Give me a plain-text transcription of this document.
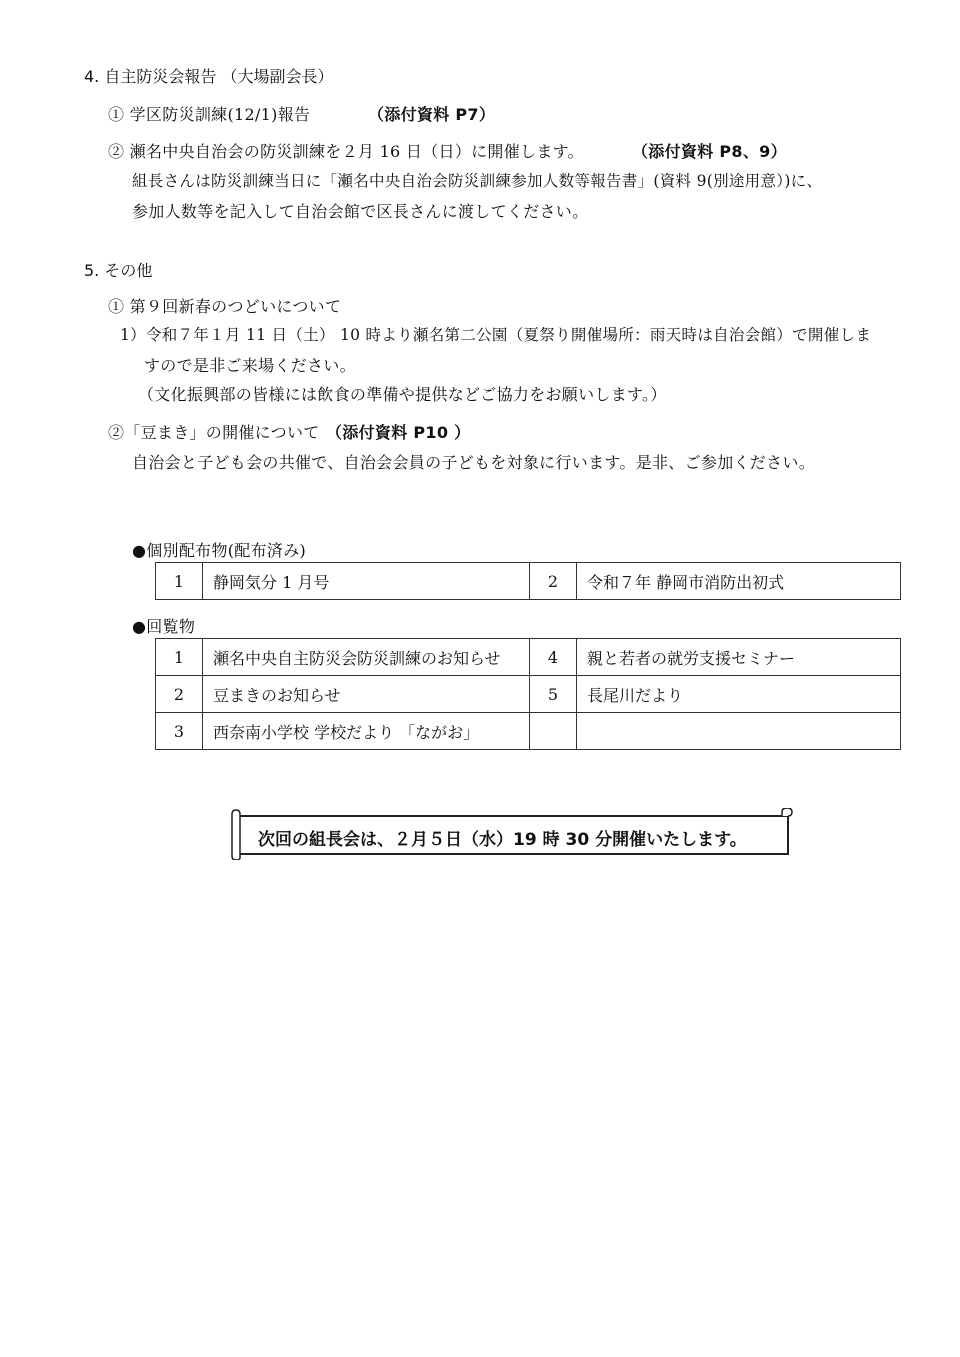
4. 自主防災会報告 （大場副会長）
① 学区防災訓練(12/1)報告	（添付資料 P7）
② 瀬名中央自治会の防災訓練を２月 16 日（日）に開催します。	（添付資料 P8、9）
組長さんは防災訓練当日に「瀬名中央自治会防災訓練参加人数等報告書」(資料 9(別途用意）)に、
参加人数等を記入して自治会館で区長さんに渡してください。
5. その他
① 第９回新春のつどいについて
1）令和７年１月 11 日（土） 10 時より瀬名第二公園（夏祭り開催場所：雨天時は自治会館）で開催しま
すので是非ご来場ください。
（文化振興部の皆様には飲食の準備や提供などご協力をお願いします。）
②「豆まき」の開催について （添付資料 P10 ）
自治会と子ども会の共催で、自治会会員の子どもを対象に行います。是非、ご参加ください。
●個別配布物(配布済み)
1	静岡気分 1 月号	2	令和７年 静岡市消防出初式
●回覧物
1	瀬名中央自主防災会防災訓練のお知らせ	4	親と若者の就労支援セミナー
2	豆まきのお知らせ	5	長尾川だより
3	西奈南小学校 学校だより 「ながお」		
次回の組長会は、２月５日（水）19 時 30 分開催いたします。
